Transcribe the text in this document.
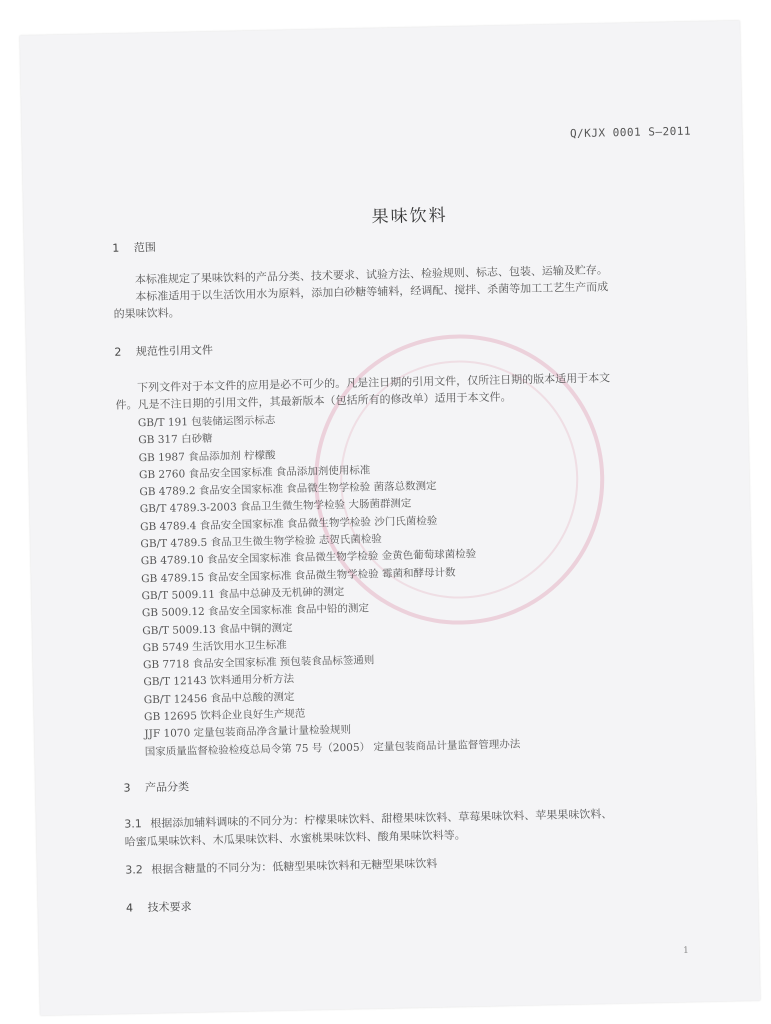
Q/KJX 0001 S—2011
果味饮料
1 范围
本标准规定了果味饮料的产品分类、技术要求、试验方法、检验规则、标志、包装、运输及贮存。
本标准适用于以生活饮用水为原料，添加白砂糖等辅料，经调配、搅拌、杀菌等加工工艺生产而成
的果味饮料。
2 规范性引用文件
下列文件对于本文件的应用是必不可少的。凡是注日期的引用文件，仅所注日期的版本适用于本文
件。凡是不注日期的引用文件，其最新版本（包括所有的修改单）适用于本文件。
GB/T 191 包装储运图示标志
GB 317 白砂糖
GB 1987 食品添加剂 柠檬酸
GB 2760 食品安全国家标准 食品添加剂使用标准
GB 4789.2 食品安全国家标准 食品微生物学检验 菌落总数测定
GB/T 4789.3-2003 食品卫生微生物学检验 大肠菌群测定
GB 4789.4 食品安全国家标准 食品微生物学检验 沙门氏菌检验
GB/T 4789.5 食品卫生微生物学检验 志贺氏菌检验
GB 4789.10 食品安全国家标准 食品微生物学检验 金黄色葡萄球菌检验
GB 4789.15 食品安全国家标准 食品微生物学检验 霉菌和酵母计数
GB/T 5009.11 食品中总砷及无机砷的测定
GB 5009.12 食品安全国家标准 食品中铅的测定
GB/T 5009.13 食品中铜的测定
GB 5749 生活饮用水卫生标准
GB 7718 食品安全国家标准 预包装食品标签通则
GB/T 12143 饮料通用分析方法
GB/T 12456 食品中总酸的测定
GB 12695 饮料企业良好生产规范
JJF 1070 定量包装商品净含量计量检验规则
国家质量监督检验检疫总局令第 75 号（2005） 定量包装商品计量监督管理办法
3 产品分类
3.1 根据添加辅料调味的不同分为：柠檬果味饮料、甜橙果味饮料、草莓果味饮料、苹果果味饮料、
哈蜜瓜果味饮料、木瓜果味饮料、水蜜桃果味饮料、酸角果味饮料等。
3.2 根据含糖量的不同分为：低糖型果味饮料和无糖型果味饮料
4 技术要求
1
